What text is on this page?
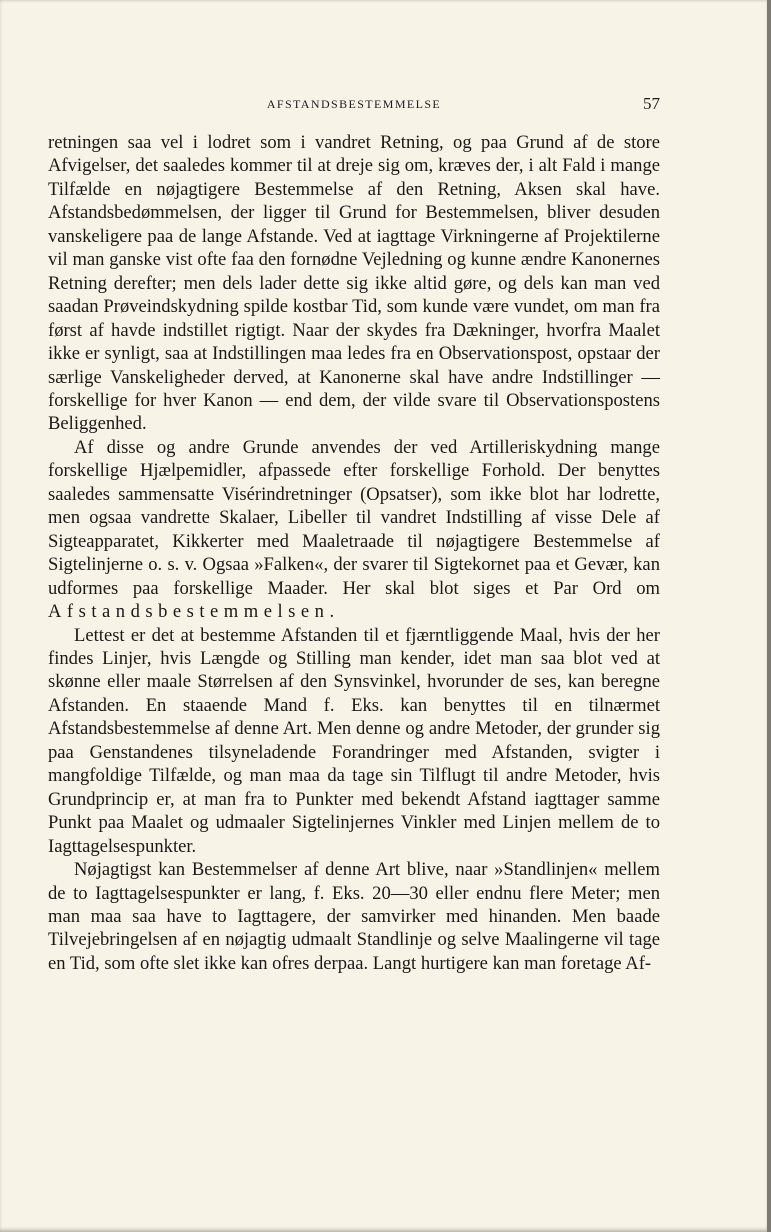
AFSTANDSBESTEMMELSE	57

retningen saa vel i lodret som i vandret Retning, og paa Grund af de store Afvigelser, det saaledes kommer til at dreje sig om, kræves der, i alt Fald i mange Tilfælde en nøjagtigere Bestemmelse af den Retning, Aksen skal have. Afstandsbedømmelsen, der ligger til Grund for Bestemmelsen, bliver desuden vanskeligere paa de lange Afstande. Ved at iagttage Virkningerne af Projektilerne vil man ganske vist ofte faa den fornødne Vejledning og kunne ændre Kanonernes Retning derefter; men dels lader dette sig ikke altid gøre, og dels kan man ved saadan Prøveindskydning spilde kostbar Tid, som kunde være vundet, om man fra først af havde indstillet rigtigt. Naar der skydes fra Dækninger, hvorfra Maalet ikke er synligt, saa at Indstillingen maa ledes fra en Observationspost, opstaar der særlige Vanskeligheder derved, at Kanonerne skal have andre Indstillinger — forskellige for hver Kanon — end dem, der vilde svare til Observationspostens Beliggenhed.

Af disse og andre Grunde anvendes der ved Artilleriskydning mange forskellige Hjælpemidler, afpassede efter forskellige Forhold. Der benyttes saaledes sammensatte Visérindretninger (Opsatser), som ikke blot har lodrette, men ogsaa vandrette Skalaer, Libeller til vandret Indstilling af visse Dele af Sigteapparatet, Kikkerter med Maaletraade til nøjagtigere Bestemmelse af Sigtelinjerne o. s. v. Ogsaa »Falken«, der svarer til Sigtekornet paa et Gevær, kan udformes paa forskellige Maader. Her skal blot siges et Par Ord om Afstandsbestemmelsen.

Lettest er det at bestemme Afstanden til et fjærntliggende Maal, hvis der her findes Linjer, hvis Længde og Stilling man kender, idet man saa blot ved at skønne eller maale Størrelsen af den Synsvinkel, hvorunder de ses, kan beregne Afstanden. En staaende Mand f. Eks. kan benyttes til en tilnærmet Afstandsbestemmelse af denne Art. Men denne og andre Metoder, der grunder sig paa Genstandenes tilsyneladende Forandringer med Afstanden, svigter i mangfoldige Tilfælde, og man maa da tage sin Tilflugt til andre Metoder, hvis Grundprincip er, at man fra to Punkter med bekendt Afstand iagttager samme Punkt paa Maalet og udmaaler Sigtelinjernes Vinkler med Linjen mellem de to Iagttagelsespunkter.

Nøjagtigst kan Bestemmelser af denne Art blive, naar »Standlinjen« mellem de to Iagttagelsespunkter er lang, f. Eks. 20—30 eller endnu flere Meter; men man maa saa have to Iagttagere, der samvirker med hinanden. Men baade Tilvejebringelsen af en nøjagtig udmaalt Standlinje og selve Maalingerne vil tage en Tid, som ofte slet ikke kan ofres derpaa. Langt hurtigere kan man foretage Af-
